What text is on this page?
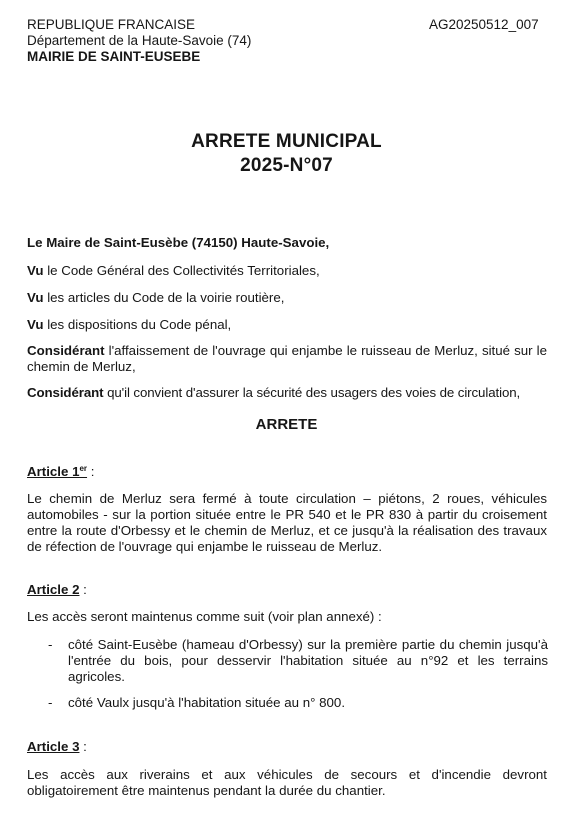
REPUBLIQUE FRANCAISE
Département de la Haute-Savoie (74)
MAIRIE DE SAINT-EUSEBE
AG20250512_007
ARRETE MUNICIPAL
2025-N°07
Le Maire de Saint-Eusèbe (74150) Haute-Savoie,
Vu le Code Général des Collectivités Territoriales,
Vu les articles du Code de la voirie routière,
Vu les dispositions du Code pénal,
Considérant l'affaissement de l'ouvrage qui enjambe le ruisseau de Merluz, situé sur le chemin de Merluz,
Considérant qu'il convient d'assurer la sécurité des usagers des voies de circulation,
ARRETE
Article 1er :
Le chemin de Merluz sera fermé à toute circulation – piétons, 2 roues, véhicules automobiles - sur la portion située entre le PR 540 et le PR 830 à partir du croisement entre la route d'Orbessy et le chemin de Merluz, et ce jusqu'à la réalisation des travaux de réfection de l'ouvrage qui enjambe le ruisseau de Merluz.
Article 2 :
Les accès seront maintenus comme suit (voir plan annexé) :
- côté Saint-Eusèbe (hameau d'Orbessy) sur la première partie du chemin jusqu'à l'entrée du bois, pour desservir l'habitation située au n°92 et les terrains agricoles.
- côté Vaulx jusqu'à l'habitation située au n° 800.
Article 3 :
Les accès aux riverains et aux véhicules de secours et d'incendie devront obligatoirement être maintenus pendant la durée du chantier.
